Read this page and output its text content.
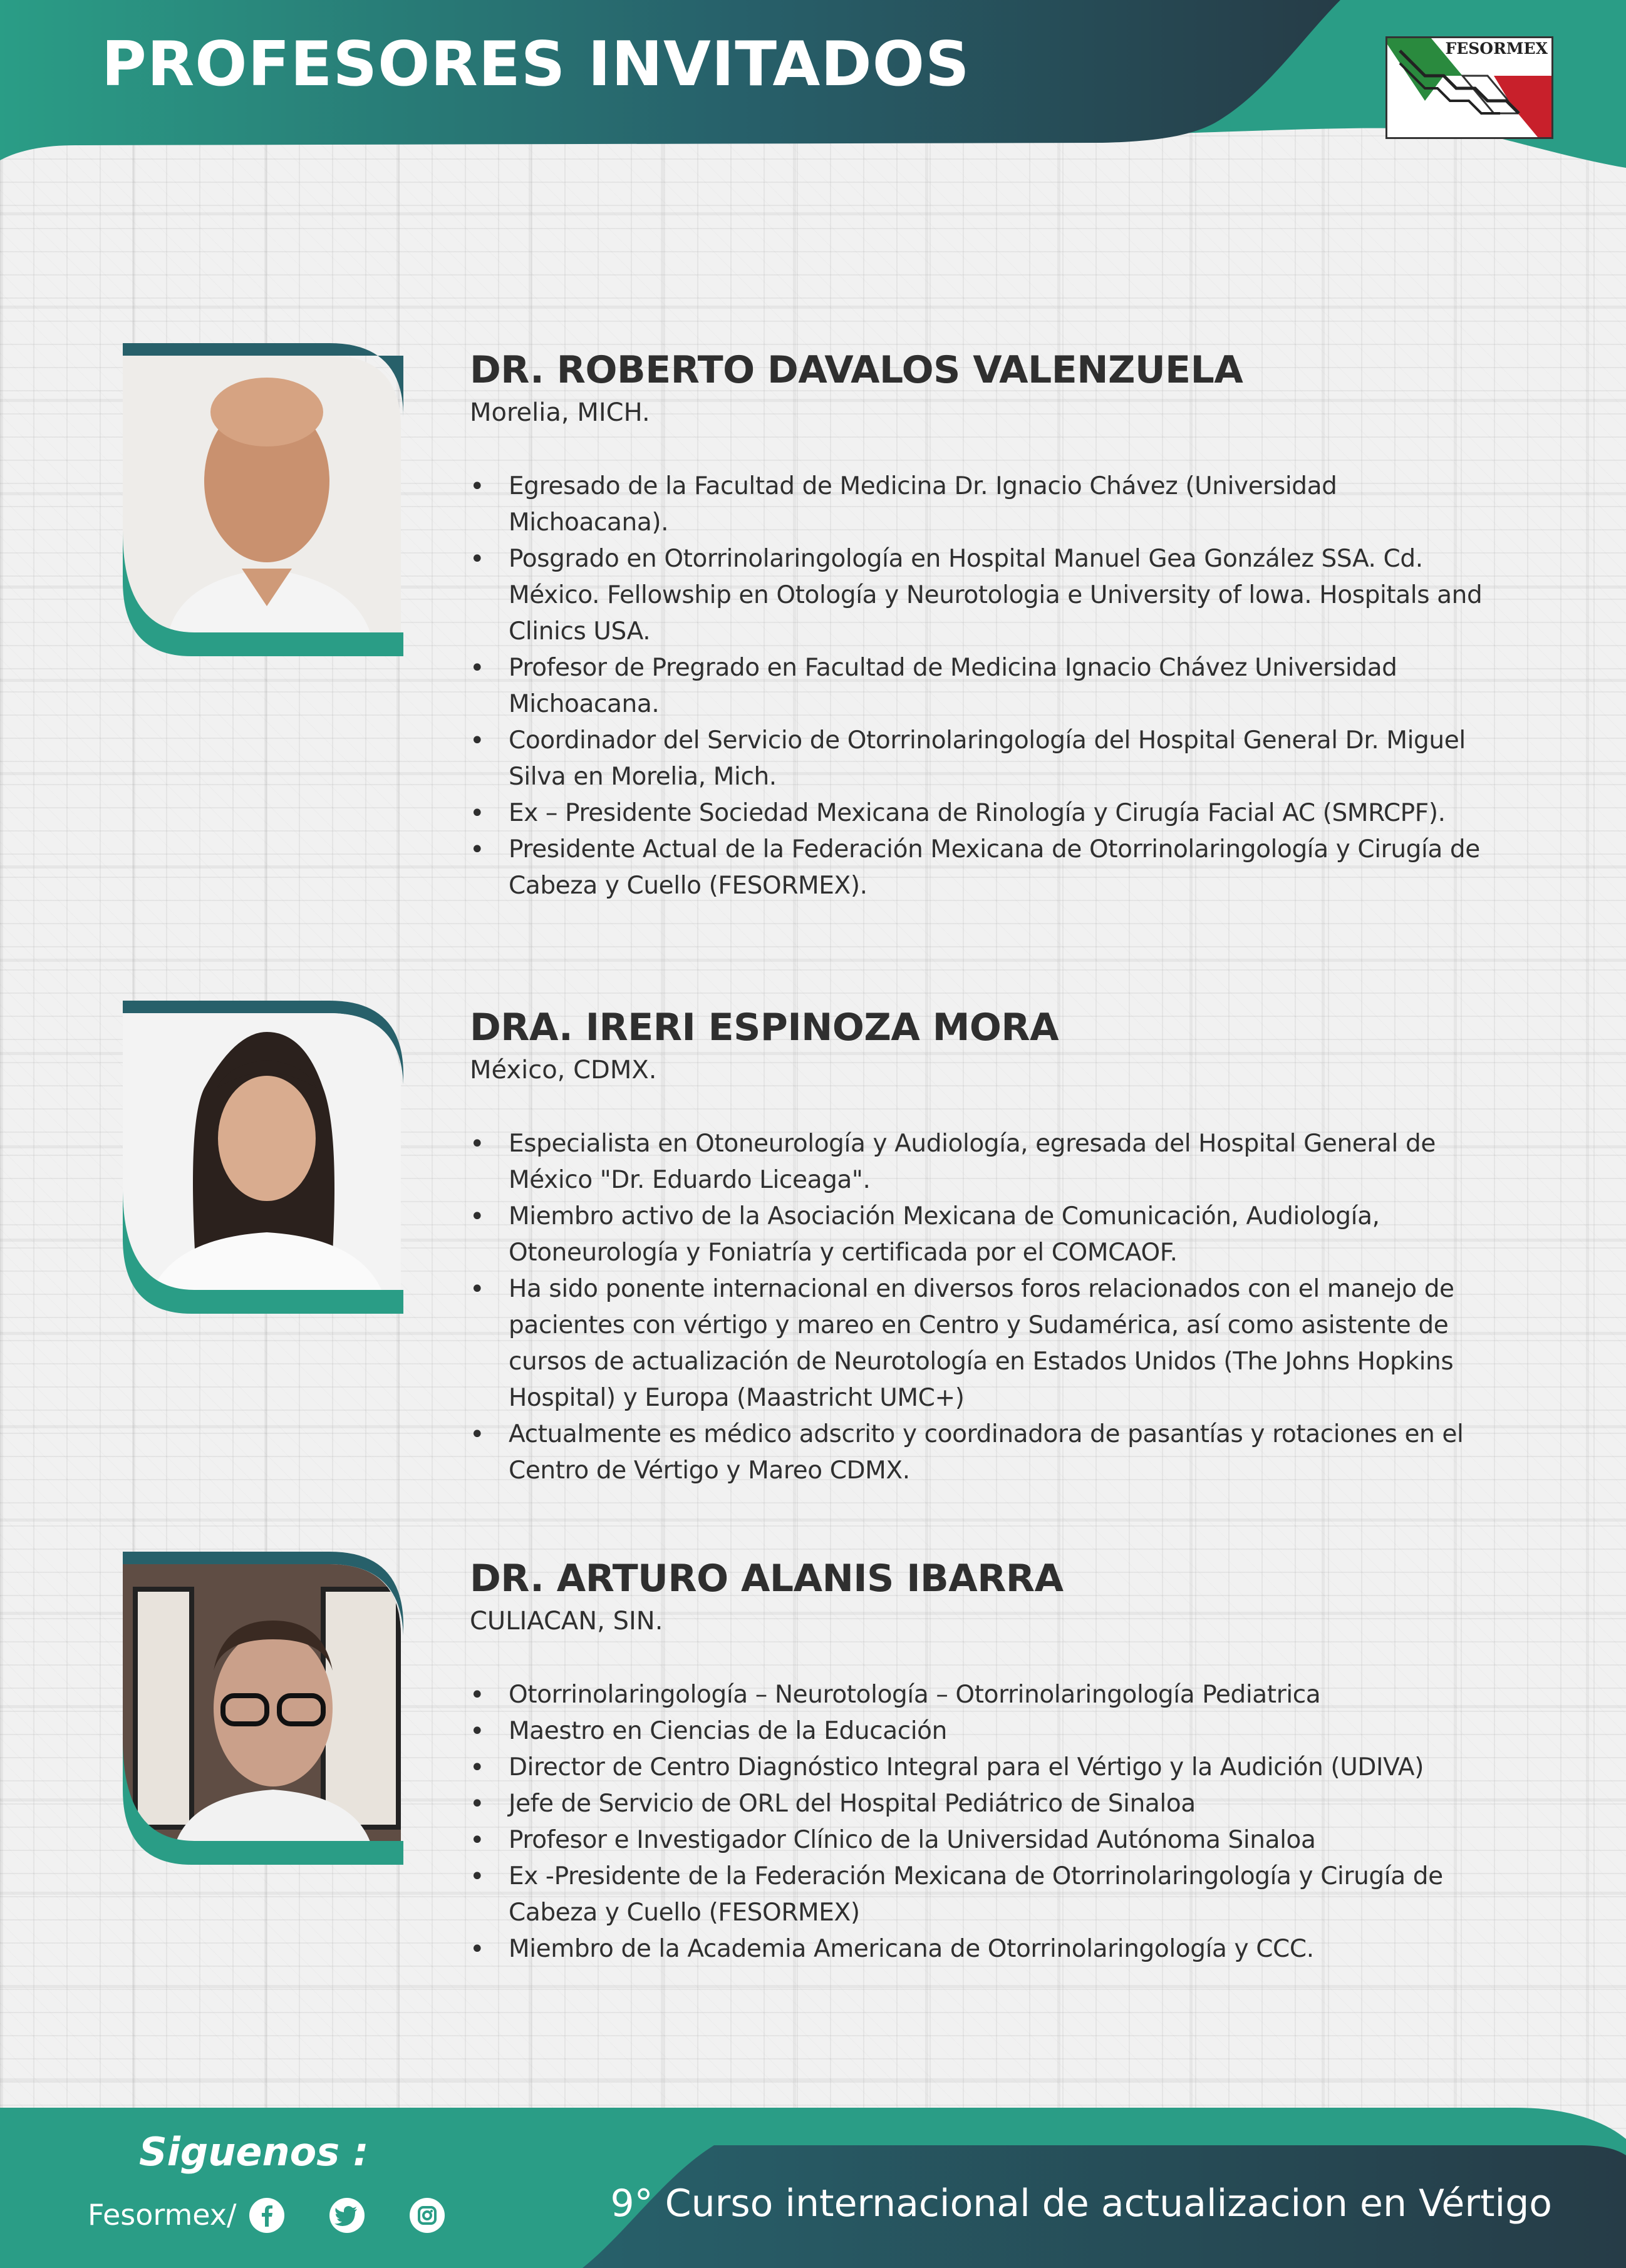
PROFESORES INVITADOS	FESORMEX
DR. ROBERTO DAVALOS VALENZUELA

Morelia, MICH.

• Egresado de la Facultad de Medicina Dr. Ignacio Chávez (Universidad Michoacana).
• Posgrado en Otorrinolaringología en Hospital Manuel Gea González SSA. Cd. México. Fellowship en Otología y Neurotologia e University of lowa. Hospitals and Clinics USA.
• Profesor de Pregrado en Facultad de Medicina Ignacio Chávez Universidad Michoacana.
• Coordinador del Servicio de Otorrinolaringología del Hospital General Dr. Miguel Silva en Morelia, Mich.
• Ex – Presidente Sociedad Mexicana de Rinología y Cirugía Facial AC (SMRCPF).
• Presidente Actual de la Federación Mexicana de Otorrinolaringología y Cirugía de Cabeza y Cuello (FESORMEX).
DRA. IRERI ESPINOZA MORA

México, CDMX.

• Especialista en Otoneurología y Audiología, egresada del Hospital General de México "Dr. Eduardo Liceaga".
• Miembro activo de la Asociación Mexicana de Comunicación, Audiología, Otoneurología y Foniatría y certificada por el COMCAOF.
• Ha sido ponente internacional en diversos foros relacionados con el manejo de pacientes con vértigo y mareo en Centro y Sudamérica, así como asistente de cursos de actualización de Neurotología en Estados Unidos (The Johns Hopkins Hospital) y Europa (Maastricht UMC+)
• Actualmente es médico adscrito y coordinadora de pasantías y rotaciones en el Centro de Vértigo y Mareo CDMX.
DR. ARTURO ALANIS IBARRA

CULIACAN, SIN.

• Otorrinolaringología – Neurotología – Otorrinolaringología Pediatrica
• Maestro en Ciencias de la Educación
• Director de Centro Diagnóstico Integral para el Vértigo y la Audición (UDIVA)
• Jefe de Servicio de ORL del Hospital Pediátrico de Sinaloa
• Profesor e Investigador Clínico de la Universidad Autónoma Sinaloa
• Ex -Presidente de la Federación Mexicana de Otorrinolaringología y Cirugía de Cabeza y Cuello (FESORMEX)
• Miembro de la Academia Americana de Otorrinolaringología y CCC.

Siguenos :

Fesormex/	9° Curso internacional de actualizacion en Vértigo
